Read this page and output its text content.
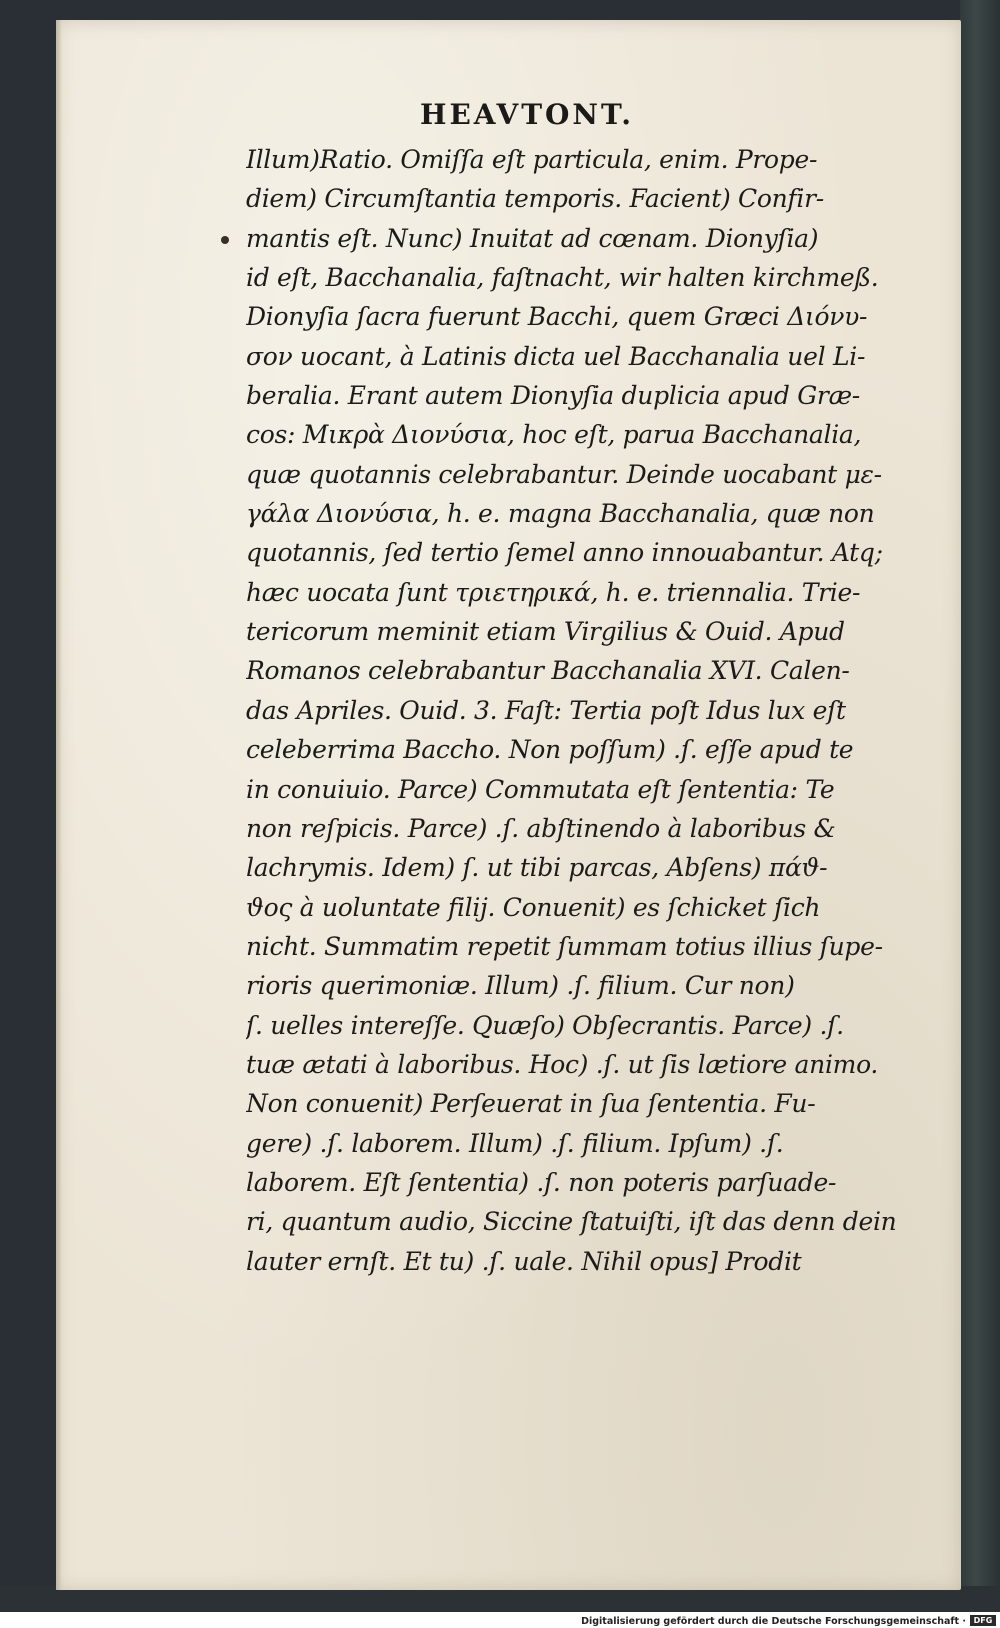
HEAVTONT.
Illum)Ratio. Omiſſa eſt particula, enim. Prope-
diem) Circumſtantia temporis. Facient) Confir-
mantis eſt. Nunc) Inuitat ad cœnam. Dionyſia)
id eſt, Bacchanalia, faſtnacht, wir halten kirchmeß.
Dionyſia ſacra fuerunt Bacchi, quem Græci Διόνυ-
σον uocant, à Latinis dicta uel Bacchanalia uel Li-
beralia. Erant autem Dionyſia duplicia apud Græ-
cos: Μικρὰ Διονύσια, hoc eſt, parua Bacchanalia,
quæ quotannis celebrabantur. Deinde uocabant με-
γάλα Διονύσια, h. e. magna Bacchanalia, quæ non
quotannis, ſed tertio ſemel anno innouabantur. Atq;
hæc uocata ſunt τριετηρικά, h. e. triennalia. Trie-
tericorum meminit etiam Virgilius & Ouid. Apud
Romanos celebrabantur Bacchanalia XVI. Calen-
das Apriles. Ouid. 3. Faſt: Tertia poſt Idus lux eſt
celeberrima Baccho. Non poſſum) .ſ. eſſe apud te
in conuiuio. Parce) Commutata eſt ſententia: Te
non reſpicis. Parce) .ſ. abſtinendo à laboribus &
lachrymis. Idem) ſ. ut tibi parcas, Abſens) πάϑ-
ϑος à uoluntate filij. Conuenit) es ſchicket ſich
nicht. Summatim repetit ſummam totius illius ſupe-
rioris querimoniæ. Illum) .ſ. filium. Cur non)
ſ. uelles intereſſe. Quæſo) Obſecrantis. Parce) .ſ.
tuæ ætati à laboribus. Hoc) .ſ. ut ſis lætiore animo.
Non conuenit) Perſeuerat in ſua ſententia. Fu-
gere) .ſ. laborem. Illum) .ſ. filium. Ipſum) .ſ.
laborem. Eſt ſententia) .ſ. non poteris parſuade-
ri, quantum audio, Siccine ſtatuiſti, iſt das denn dein
lauter ernſt. Et tu) .ſ. uale. Nihil opus] Prodit
Digitalisierung gefördert durch die Deutsche Forschungsgemeinschaft · DFG
